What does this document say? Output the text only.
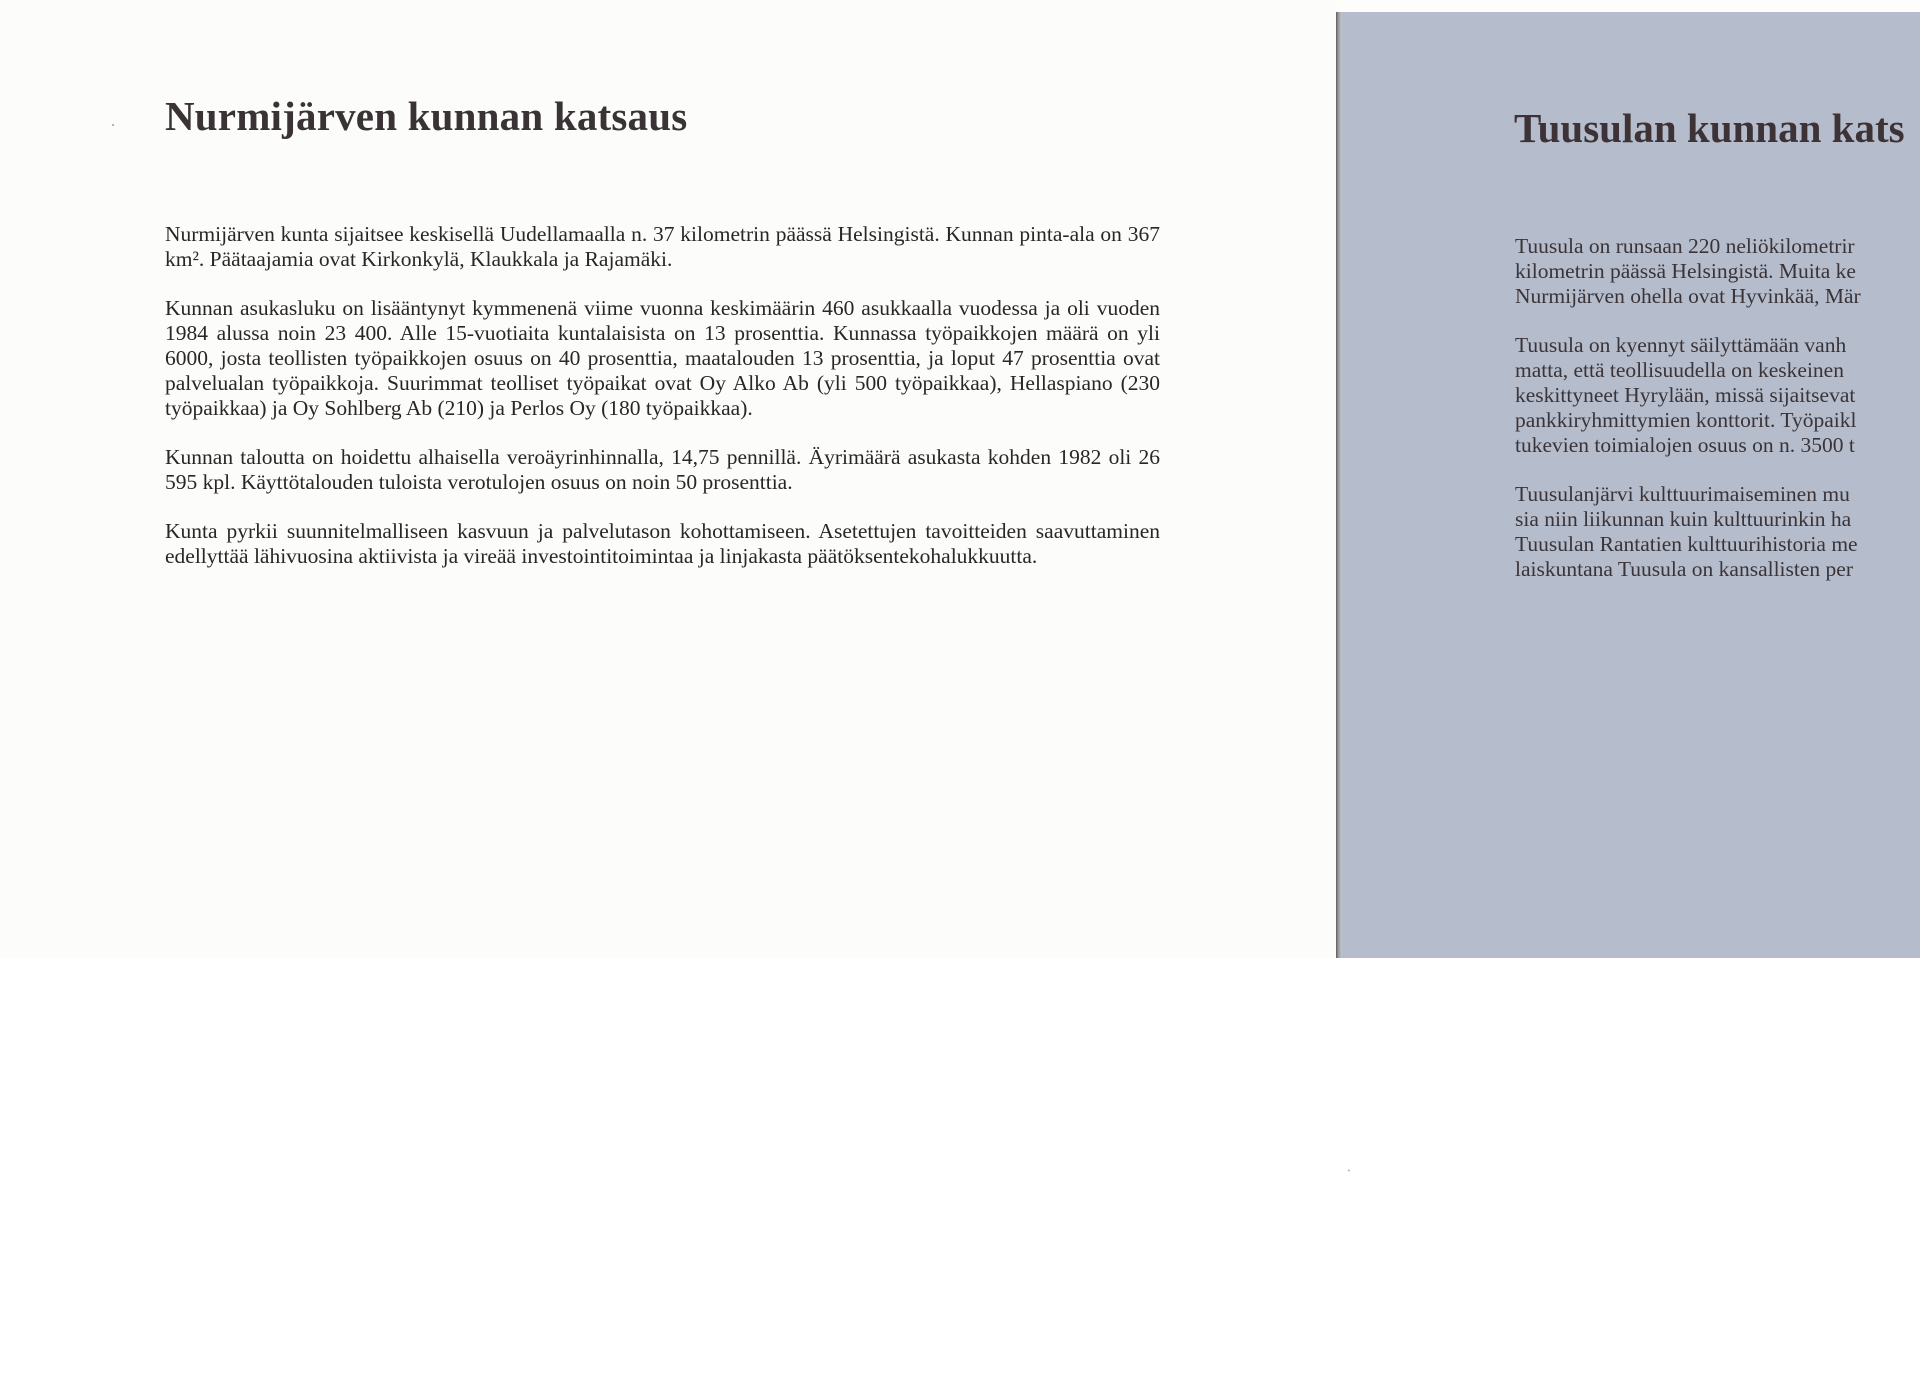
Nurmijärven kunnan katsaus

Nurmijärven kunta sijaitsee keskisellä Uudellamaalla n. 37 kilometrin päässä Helsingistä. Kunnan pinta-ala on 367 km². Päätaajamia ovat Kirkonkylä, Klaukkala ja Rajamäki.

Kunnan asukasluku on lisääntynyt kymmenenä viime vuonna keskimäärin 460 asukkaalla vuodessa ja oli vuoden 1984 alussa noin 23 400. Alle 15-vuotiaita kuntalaisista on 13 prosenttia. Kunnassa työpaikkojen määrä on yli 6000, josta teollisten työpaikkojen osuus on 40 prosenttia, maatalouden 13 prosenttia, ja loput 47 prosenttia ovat palvelualan työpaikkoja. Suurimmat teolliset työpaikat ovat Oy Alko Ab (yli 500 työpaikkaa), Hellaspiano (230 työpaikkaa) ja Oy Sohlberg Ab (210) ja Perlos Oy (180 työpaikkaa).

Kunnan taloutta on hoidettu alhaisella veroäyrinhinnalla, 14,75 pennillä. Äyrimäärä asukasta kohden 1982 oli 26 595 kpl. Käyttötalouden tuloista verotulojen osuus on noin 50 prosenttia.

Kunta pyrkii suunnitelmalliseen kasvuun ja palvelutason kohottamiseen. Asetettujen tavoitteiden saavuttaminen edellyttää lähivuosina aktiivista ja vireää investointitoimintaa ja linjakasta päätöksentekohalukkuutta.

Tuusulan kunnan kats

Tuusula on runsaan 220 neliökilometrir
kilometrin päässä Helsingistä. Muita ke
Nurmijärven ohella ovat Hyvinkää, Mär

Tuusula on kyennyt säilyttämään vanh
matta, että teollisuudella on keskeinen
keskittyneet Hyrylään, missä sijaitsevat
pankkiryhmittymien konttorit. Työpaikl
tukevien toimialojen osuus on n. 3500 t

Tuusulanjärvi kulttuurimaiseminen mu
sia niin liikunnan kuin kulttuurinkin ha
Tuusulan Rantatien kulttuurihistoria me
laiskuntana Tuusula on kansallisten per

ˎ
